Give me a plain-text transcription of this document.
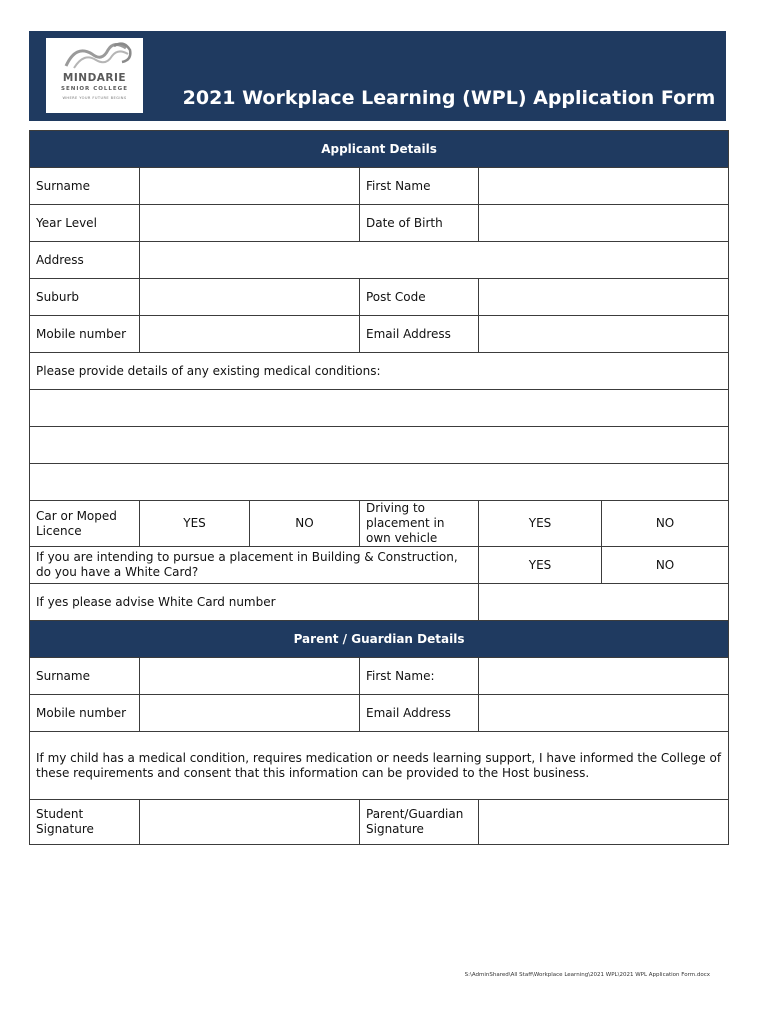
MINDARIE
SENIOR COLLEGE
WHERE YOUR FUTURE BEGINS	2021 Workplace Learning (WPL) Application Form
Applicant Details					
Surname			First Name		
Year Level			Date of Birth		
Address					
Suburb			Post Code		
Mobile number			Email Address		
Please provide details of any existing medical conditions:					

Car or Moped Licence	YES	NO	Driving to placement in own vehicle	YES	NO
If you are intending to pursue a placement in Building & Construction, do you have a White Card?				YES	NO
If yes please advise White Card number					
Parent / Guardian Details					
Surname			First Name:		
Mobile number			Email Address		
If my child has a medical condition, requires medication or needs learning support, I have informed the College of these requirements and consent that this information can be provided to the Host business.					
Student Signature			Parent/Guardian Signature		
S:\AdminShared\All Staff\Workplace Learning\2021 WPL\2021 WPL Application Form.docx
